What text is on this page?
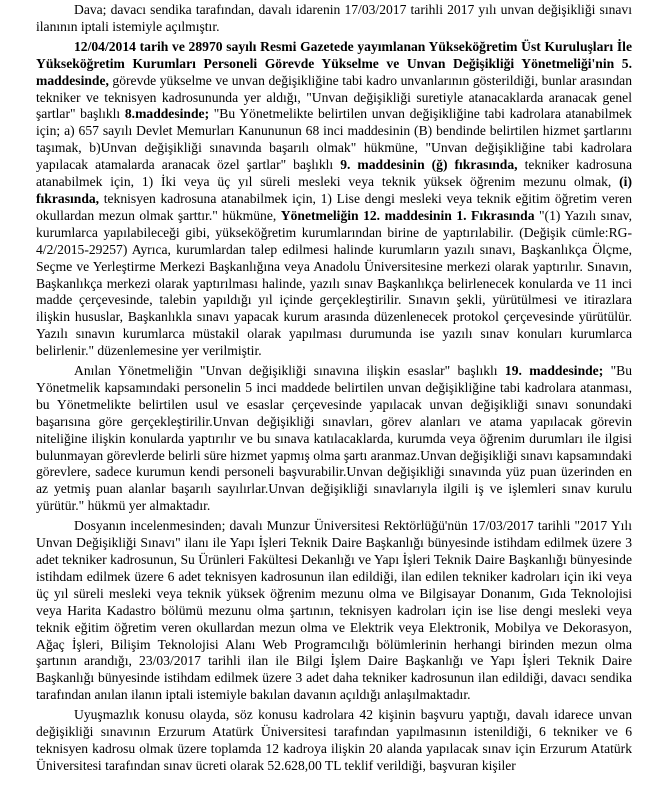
Dava; davacı sendika tarafından, davalı idarenin 17/03/2017 tarihli 2017 yılı unvan değişikliği sınavı ilanının iptali istemiyle açılmıştır.

12/04/2014 tarih ve 28970 sayılı Resmi Gazetede yayımlanan Yükseköğretim Üst Kuruluşları İle Yükseköğretim Kurumları Personeli Görevde Yükselme ve Unvan Değişikliği Yönetmeliği'nin 5. maddesinde, görevde yükselme ve unvan değişikliğine tabi kadro unvanlarının gösterildiği, bunlar arasından tekniker ve teknisyen kadrosununda yer aldığı, "Unvan değişikliği suretiyle atanacaklarda aranacak genel şartlar" başlıklı 8.maddesinde; "Bu Yönetmelikte belirtilen unvan değişikliğine tabi kadrolara atanabilmek için; a) 657 sayılı Devlet Memurları Kanununun 68 inci maddesinin (B) bendinde belirtilen hizmet şartlarını taşımak, b)Unvan değişikliği sınavında başarılı olmak" hükmüne, "Unvan değişikliğine tabi kadrolara yapılacak atamalarda aranacak özel şartlar" başlıklı 9. maddesinin (ğ) fıkrasında, tekniker kadrosuna atanabilmek için, 1) İki veya üç yıl süreli mesleki veya teknik yüksek öğrenim mezunu olmak, (i) fıkrasında, teknisyen kadrosuna atanabilmek için, 1) Lise dengi mesleki veya teknik eğitim öğretim veren okullardan mezun olmak şarttır." hükmüne, Yönetmeliğin 12. maddesinin 1. Fıkrasında "(1) Yazılı sınav, kurumlarca yapılabileceği gibi, yükseköğretim kurumlarından birine de yaptırılabilir. (Değişik cümle:RG-4/2/2015-29257) Ayrıca, kurumlardan talep edilmesi halinde kurumların yazılı sınavı, Başkanlıkça Ölçme, Seçme ve Yerleştirme Merkezi Başkanlığına veya Anadolu Üniversitesine merkezi olarak yaptırılır. Sınavın, Başkanlıkça merkezi olarak yaptırılması halinde, yazılı sınav Başkanlıkça belirlenecek konularda ve 11 inci madde çerçevesinde, talebin yapıldığı yıl içinde gerçekleştirilir. Sınavın şekli, yürütülmesi ve itirazlara ilişkin hususlar, Başkanlıkla sınavı yapacak kurum arasında düzenlenecek protokol çerçevesinde yürütülür. Yazılı sınavın kurumlarca müstakil olarak yapılması durumunda ise yazılı sınav konuları kurumlarca belirlenir." düzenlemesine yer verilmiştir.

Anılan Yönetmeliğin "Unvan değişikliği sınavına ilişkin esaslar" başlıklı 19. maddesinde; "Bu Yönetmelik kapsamındaki personelin 5 inci maddede belirtilen unvan değişikliğine tabi kadrolara atanması, bu Yönetmelikte belirtilen usul ve esaslar çerçevesinde yapılacak unvan değişikliği sınavı sonundaki başarısına göre gerçekleştirilir.Unvan değişikliği sınavları, görev alanları ve atama yapılacak görevin niteliğine ilişkin konularda yaptırılır ve bu sınava katılacaklarda, kurumda veya öğrenim durumları ile ilgisi bulunmayan görevlerde belirli süre hizmet yapmış olma şartı aranmaz.Unvan değişikliği sınavı kapsamındaki görevlere, sadece kurumun kendi personeli başvurabilir.Unvan değişikliği sınavında yüz puan üzerinden en az yetmiş puan alanlar başarılı sayılırlar.Unvan değişikliği sınavlarıyla ilgili iş ve işlemleri sınav kurulu yürütür." hükmü yer almaktadır.

Dosyanın incelenmesinden; davalı Munzur Üniversitesi Rektörlüğü'nün 17/03/2017 tarihli "2017 Yılı Unvan Değişikliği Sınavı" ilanı ile Yapı İşleri Teknik Daire Başkanlığı bünyesinde istihdam edilmek üzere 3 adet tekniker kadrosunun, Su Ürünleri Fakültesi Dekanlığı ve Yapı İşleri Teknik Daire Başkanlığı bünyesinde istihdam edilmek üzere 6 adet teknisyen kadrosunun ilan edildiği, ilan edilen tekniker kadroları için iki veya üç yıl süreli mesleki veya teknik yüksek öğrenim mezunu olma ve Bilgisayar Donanım, Gıda Teknolojisi veya Harita Kadastro bölümü mezunu olma şartının, teknisyen kadroları için ise lise dengi mesleki veya teknik eğitim öğretim veren okullardan mezun olma ve Elektrik veya Elektronik, Mobilya ve Dekorasyon, Ağaç İşleri, Bilişim Teknolojisi Alanı Web Programcılığı bölümlerinin herhangi birinden mezun olma şartının arandığı, 23/03/2017 tarihli ilan ile Bilgi İşlem Daire Başkanlığı ve Yapı İşleri Teknik Daire Başkanlığı bünyesinde istihdam edilmek üzere 3 adet daha tekniker kadrosunun ilan edildiği, davacı sendika tarafından anılan ilanın iptali istemiyle bakılan davanın açıldığı anlaşılmaktadır.

Uyuşmazlık konusu olayda, söz konusu kadrolara 42 kişinin başvuru yaptığı, davalı idarece unvan değişikliği sınavının Erzurum Atatürk Üniversitesi tarafından yapılmasının istenildiği, 6 tekniker ve 6 teknisyen kadrosu olmak üzere toplamda 12 kadroya ilişkin 20 alanda yapılacak sınav için Erzurum Atatürk Üniversitesi tarafından sınav ücreti olarak 52.628,00 TL teklif verildiği, başvuran kişiler
